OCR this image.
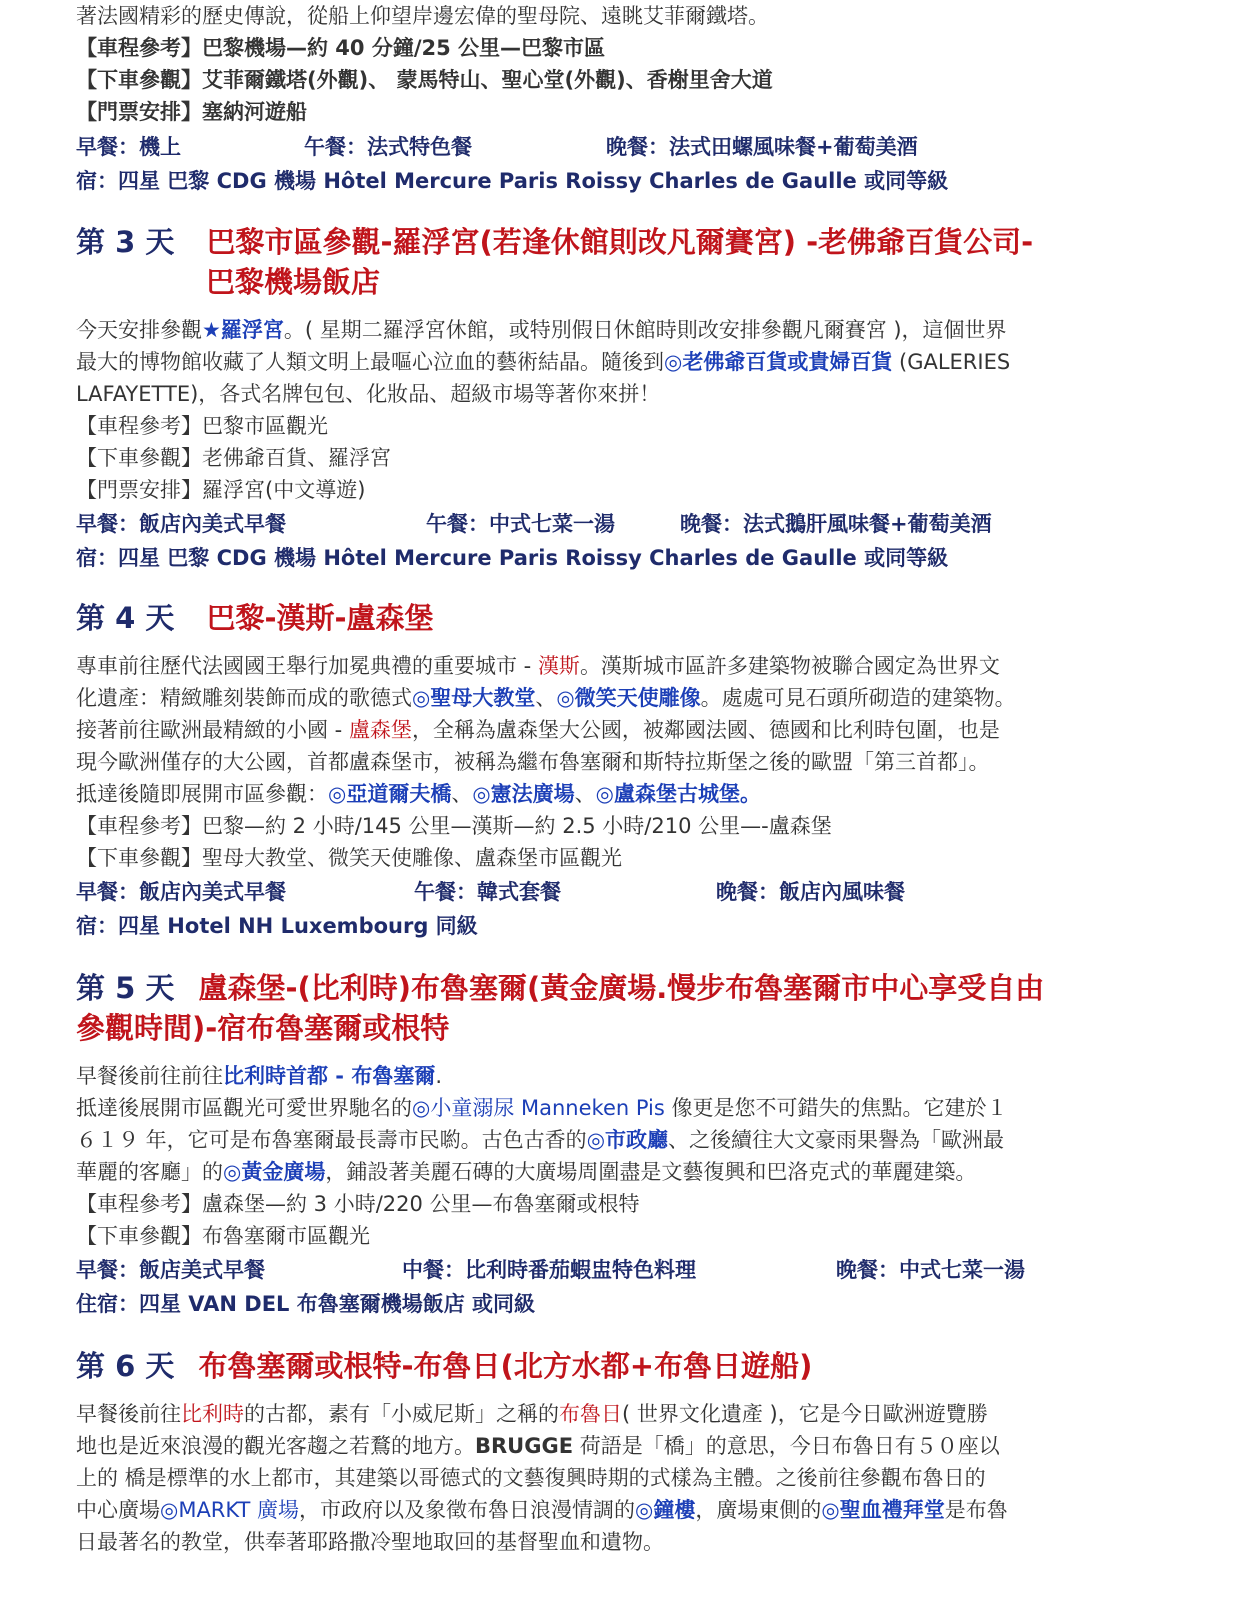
著法國精彩的歷史傳說，從船上仰望岸邊宏偉的聖母院、遠眺艾菲爾鐵塔。
【車程參考】巴黎機場—約 40 分鐘/25 公里—巴黎市區
【下車參觀】艾菲爾鐵塔(外觀)、 蒙馬特山、聖心堂(外觀)、香榭里舍大道
【門票安排】塞納河遊船
早餐：機上	午餐：法式特色餐	晚餐：法式田螺風味餐+葡萄美酒
宿：四星 巴黎 CDG 機場 Hôtel Mercure Paris Roissy Charles de Gaulle 或同等級
第 3 天 巴黎市區參觀-羅浮宮(若逢休館則改凡爾賽宮) -老佛爺百貨公司-
巴黎機場飯店
今天安排參觀★羅浮宮。( 星期二羅浮宮休館，或特別假日休館時則改安排參觀凡爾賽宮 )，這個世界
最大的博物館收藏了人類文明上最嘔心泣血的藝術結晶。隨後到◎老佛爺百貨或貴婦百貨 (GALERIES
LAFAYETTE)，各式名牌包包、化妝品、超級市場等著你來拼！
【車程參考】巴黎市區觀光
【下車參觀】老佛爺百貨、羅浮宮
【門票安排】羅浮宮(中文導遊)
早餐：飯店內美式早餐	午餐：中式七菜一湯	晚餐：法式鵝肝風味餐+葡萄美酒
宿：四星 巴黎 CDG 機場 Hôtel Mercure Paris Roissy Charles de Gaulle 或同等級
第 4 天 巴黎-漢斯-盧森堡
專車前往歷代法國國王舉行加冕典禮的重要城市 - 漢斯。漢斯城市區許多建築物被聯合國定為世界文
化遺產：精緻雕刻裝飾而成的歌德式◎聖母大教堂、◎微笑天使雕像。處處可見石頭所砌造的建築物。
接著前往歐洲最精緻的小國 - 盧森堡，全稱為盧森堡大公國，被鄰國法國、德國和比利時包圍，也是
現今歐洲僅存的大公國，首都盧森堡市，被稱為繼布魯塞爾和斯特拉斯堡之後的歐盟「第三首都」。
抵達後隨即展開市區參觀：◎亞道爾夫橋、◎憲法廣場、◎盧森堡古城堡。
【車程參考】巴黎—約 2 小時/145 公里—漢斯—約 2.5 小時/210 公里—-盧森堡
【下車參觀】聖母大教堂、微笑天使雕像、盧森堡市區觀光
早餐：飯店內美式早餐	午餐：韓式套餐	晚餐：飯店內風味餐
宿：四星 Hotel NH Luxembourg 同級
第 5 天 盧森堡-(比利時)布魯塞爾(黃金廣場.慢步布魯塞爾市中心享受自由
參觀時間)-宿布魯塞爾或根特
早餐後前往前往比利時首都 - 布魯塞爾.
抵達後展開市區觀光可愛世界馳名的◎小童溺尿 Manneken Pis 像更是您不可錯失的焦點。它建於１
６１９ 年，它可是布魯塞爾最長壽市民喲。古色古香的◎市政廳、之後續往大文豪雨果譽為「歐洲最
華麗的客廳」的◎黃金廣場，鋪設著美麗石磚的大廣場周圍盡是文藝復興和巴洛克式的華麗建築。
【車程參考】盧森堡—約 3 小時/220 公里—布魯塞爾或根特
【下車參觀】布魯塞爾市區觀光
早餐：飯店美式早餐	中餐：比利時番茄蝦盅特色料理	晚餐：中式七菜一湯
住宿：四星 VAN DEL 布魯塞爾機場飯店 或同級
第 6 天 布魯塞爾或根特-布魯日(北方水都+布魯日遊船)
早餐後前往比利時的古都，素有「小威尼斯」之稱的布魯日( 世界文化遺產 )，它是今日歐洲遊覽勝
地也是近來浪漫的觀光客趨之若鶩的地方。BRUGGE 荷語是「橋」的意思，今日布魯日有５０座以
上的 橋是標準的水上都市，其建築以哥德式的文藝復興時期的式樣為主體。之後前往參觀布魯日的
中心廣場◎MARKT 廣場，市政府以及象徵布魯日浪漫情調的◎鐘樓，廣場東側的◎聖血禮拜堂是布魯
日最著名的教堂，供奉著耶路撒冷聖地取回的基督聖血和遺物。
